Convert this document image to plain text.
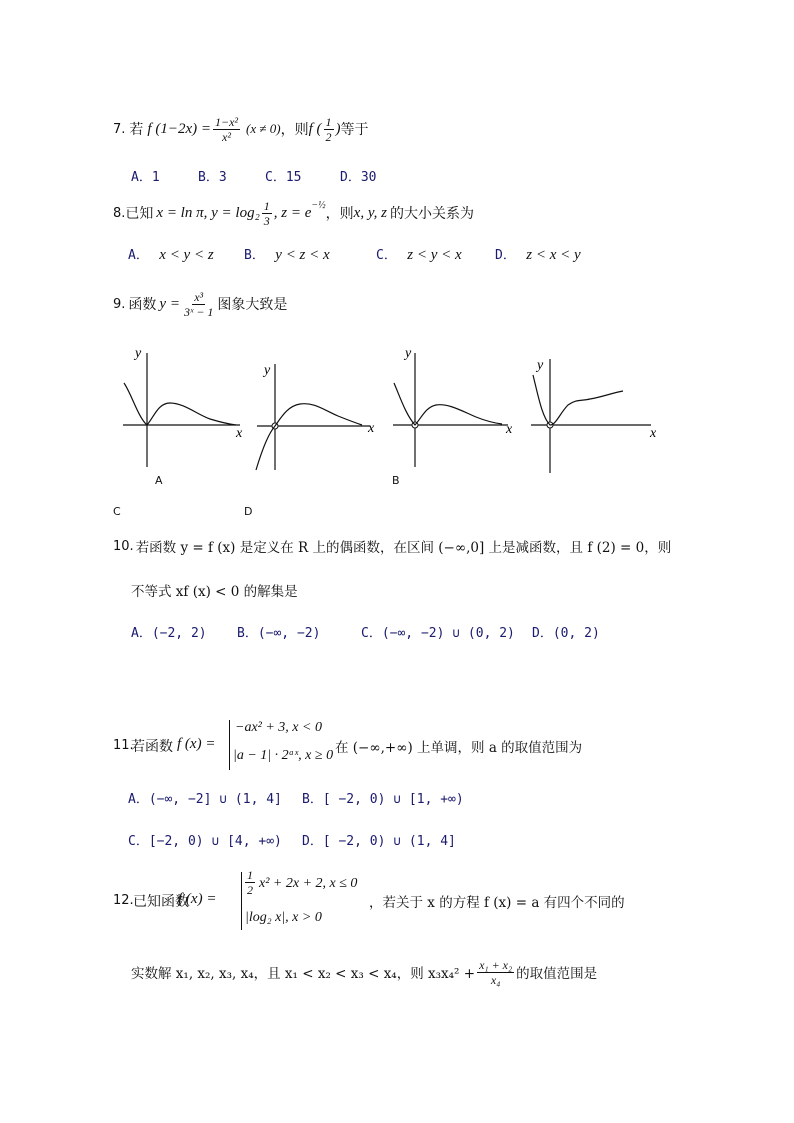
7. 若 f $(1-2x) = \frac{\text{1−x²}}{\text{x²}} (x \ne 0)$ ，则 f ( $\frac{1}{2}$ ) 等于
A．1	B．3	C．15	D．30
8. 已知 x = ln π, $y = \log_2 \frac{1}{3}$ , $z = e^{-\frac{1}{2}}$
，则 x, y, z 的大小关系为
A． x < y < z B． y < z < x	C． z < y < x	D． z < x < y
9. 函数 $y = \frac{\text{x³}}{\text{3ˣ − 1}}$ 图象大致是
y
x
y
x
y
x
y
x
A	B
C	D
10. 若函数 y = f (x) 是定义在 R 上的偶函数，在区间 (−∞,0] 上是减函数，且 f (2) = 0，则
不等式 xf (x) < 0 的解集是
A．(−2, 2) B．(−∞, −2)	C．(−∞, −2) ∪ (0, 2) D．(0, 2)
11.
若函数 f (x) =
−ax² + 3, x < 0
|a − 1| · 2ᵃˣ, x ≥ 0 在 (−∞,+∞) 上单调，则 a 的取值范围为
A．(−∞, −2] ∪ (1, 4] B．[ −2, 0) ∪ [1, +∞)
C．[−2, 0) ∪ [4, +∞) D．[ −2, 0) ∪ (1, 4]
12. 已知函数
f (x) =
$\frac{1}{2} x^2 + 2x + 2$, x ≤ 0
|log₂ x|, x > 0
，若关于 x 的方程 f (x) = a 有四个不同的
实数解 x₁, x₂, x₃, x₄，且 x₁ < x₂ < x₃ < x₄，则 $x_3x_4^2 + \frac{\text{x₁ + x₂}}{\text{x₄}}$ 的取值范围是
